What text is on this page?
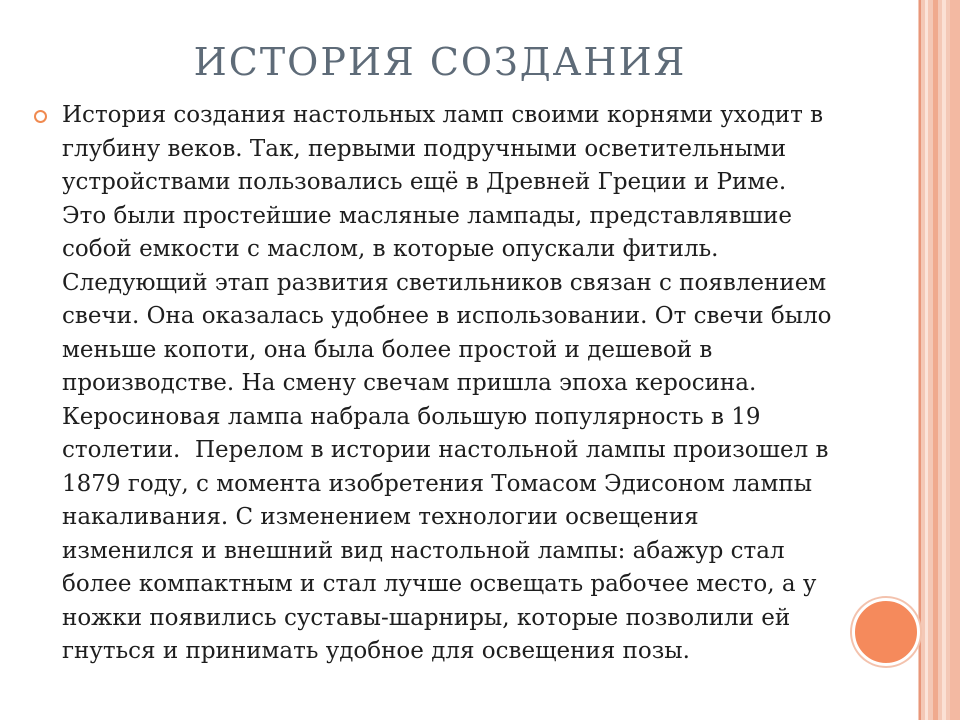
ИСТОРИЯ СОЗДАНИЯ

История создания настольных ламп своими корнями уходит в
глубину веков. Так, первыми подручными осветительными
устройствами пользовались ещё в Древней Греции и Риме.
Это были простейшие масляные лампады, представлявшие
собой емкости с маслом, в которые опускали фитиль.
Следующий этап развития светильников связан с появлением
свечи. Она оказалась удобнее в использовании. От свечи было
меньше копоти, она была более простой и дешевой в
производстве. На смену свечам пришла эпоха керосина.
Керосиновая лампа набрала большую популярность в 19
столетии.  Перелом в истории настольной лампы произошел в
1879 году, с момента изобретения Томасом Эдисоном лампы
накаливания. С изменением технологии освещения
изменился и внешний вид настольной лампы: абажур стал
более компактным и стал лучше освещать рабочее место, а у
ножки появились суставы-шарниры, которые позволили ей
гнуться и принимать удобное для освещения позы.
